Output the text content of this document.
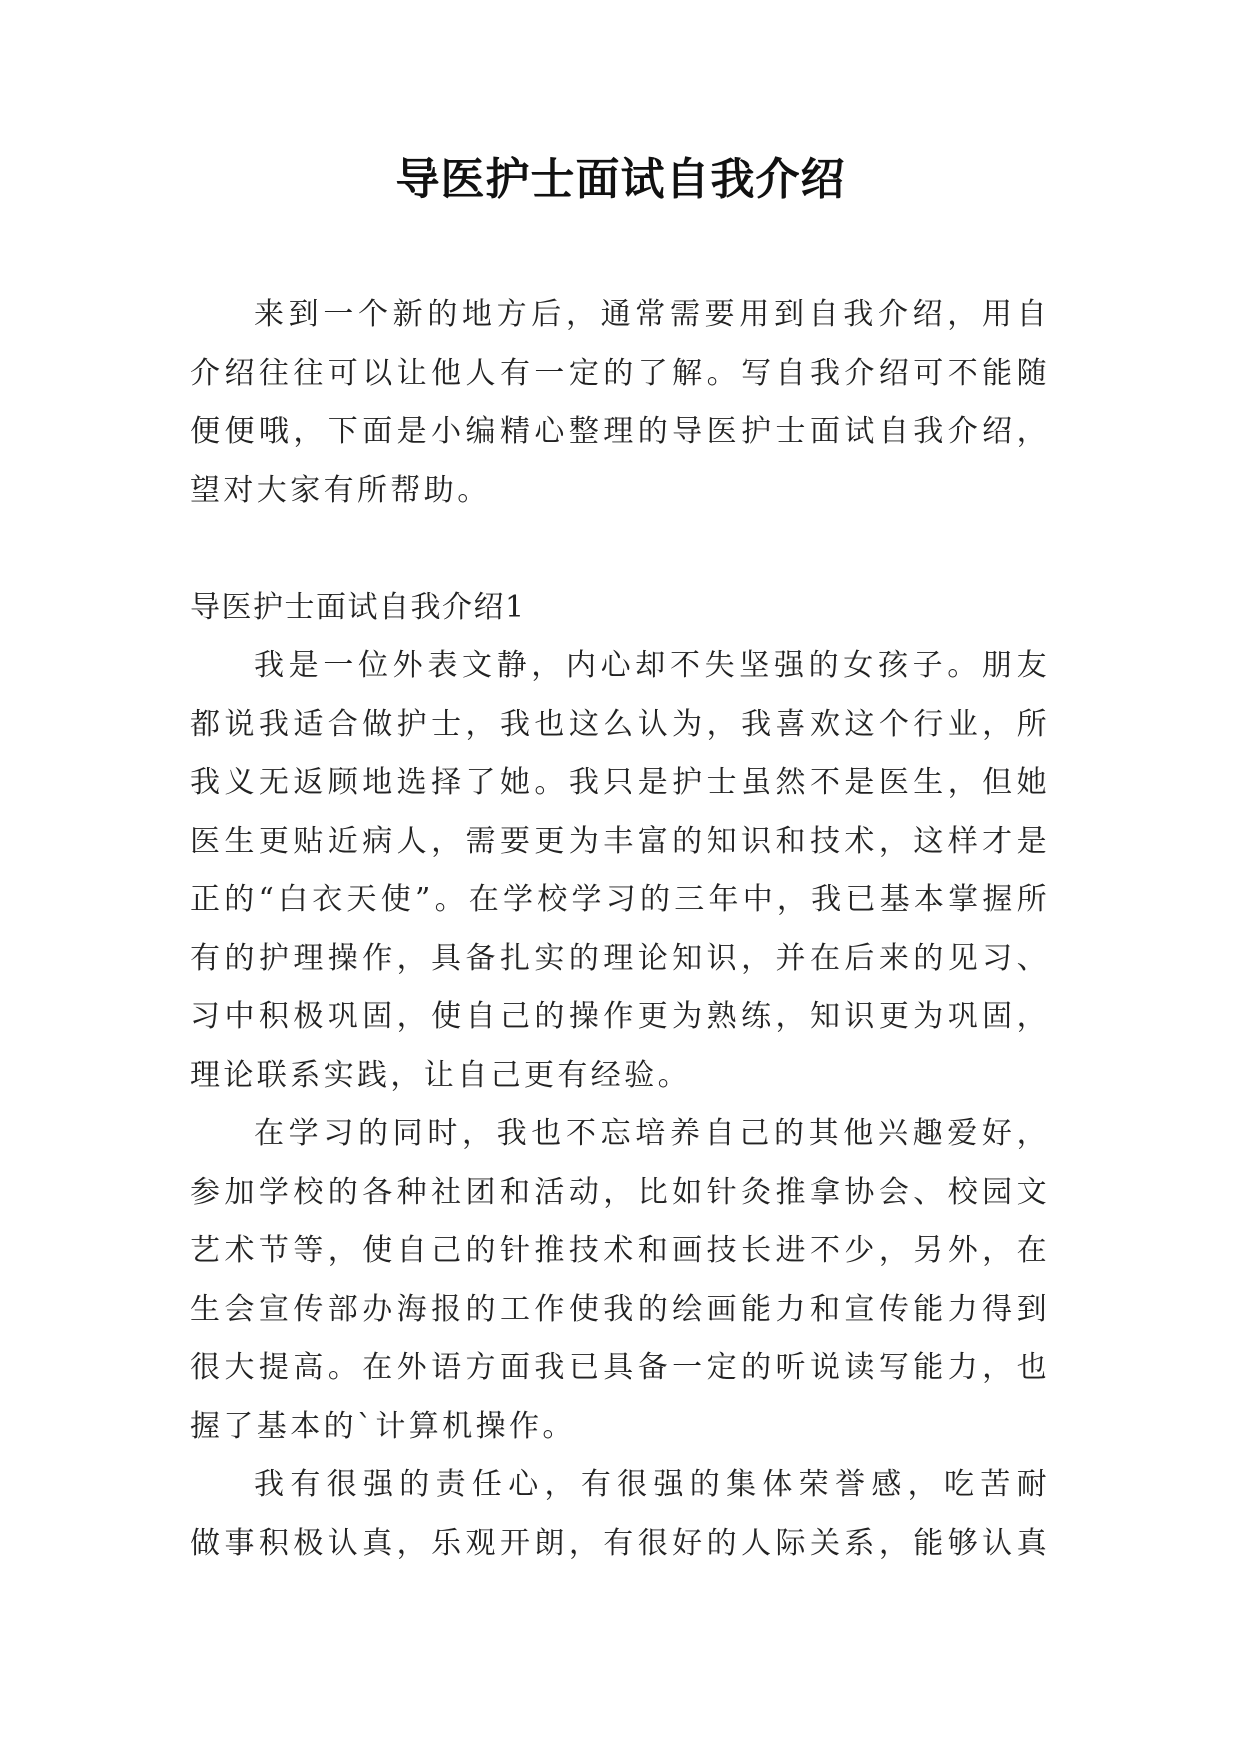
导医护士面试自我介绍
来到一个新的地方后，通常需要用到自我介绍，用自
介绍往往可以让他人有一定的了解。写自我介绍可不能随
便便哦，下面是小编精心整理的导医护士面试自我介绍，
望对大家有所帮助。
导医护士面试自我介绍1
我是一位外表文静，内心却不失坚强的女孩子。朋友
都说我适合做护士，我也这么认为，我喜欢这个行业，所
我义无返顾地选择了她。我只是护士虽然不是医生，但她
医生更贴近病人，需要更为丰富的知识和技术，这样才是
正的“白衣天使”。在学校学习的三年中，我已基本掌握所
有的护理操作，具备扎实的理论知识，并在后来的见习、
习中积极巩固，使自己的操作更为熟练，知识更为巩固，
理论联系实践，让自己更有经验。
在学习的同时，我也不忘培养自己的其他兴趣爱好，
参加学校的各种社团和活动，比如针灸推拿协会、校园文
艺术节等，使自己的针推技术和画技长进不少，另外，在
生会宣传部办海报的工作使我的绘画能力和宣传能力得到
很大提高。在外语方面我已具备一定的听说读写能力，也
握了基本的`计算机操作。
我有很强的责任心，有很强的集体荣誉感，吃苦耐
做事积极认真，乐观开朗，有很好的人际关系，能够认真
